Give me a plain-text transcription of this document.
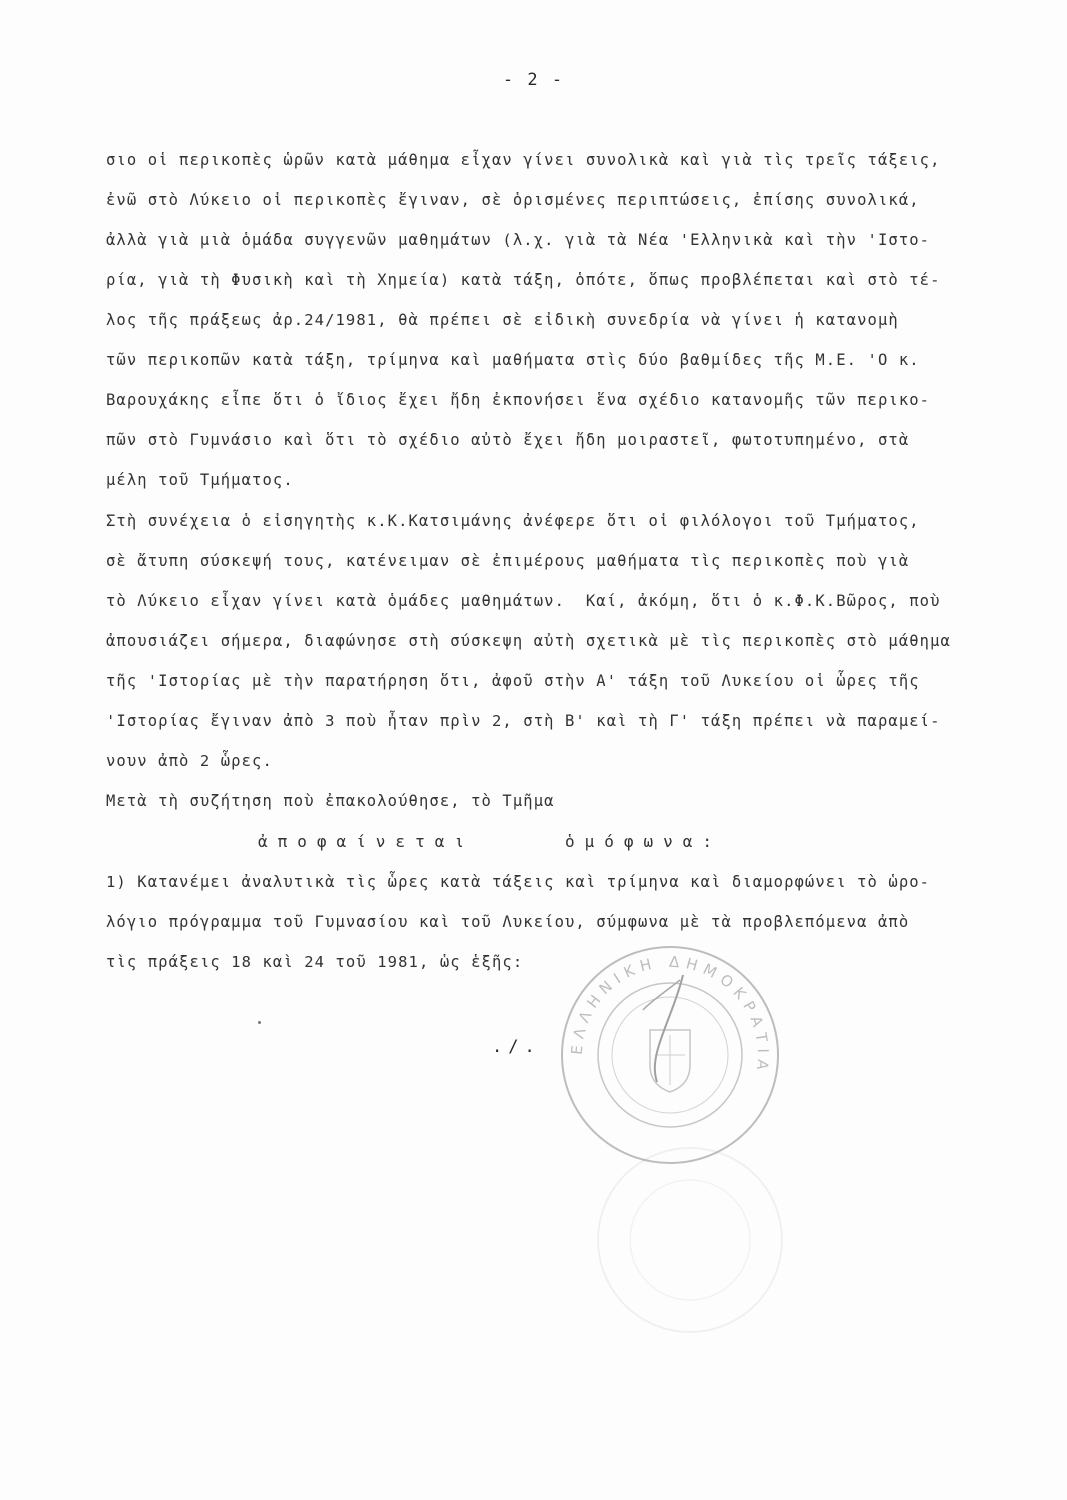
- 2 -
σιο οἱ περικοπὲς ὡρῶν κατὰ μάθημα εἶχαν γίνει συνολικὰ καὶ γιὰ τὶς τρεῖς τάξεις,
ἐνῶ στὸ Λύκειο οἱ περικοπὲς ἔγιναν, σὲ ὁρισμένες περιπτώσεις, ἐπίσης συνολικά,
ἀλλὰ γιὰ μιὰ ὁμάδα συγγενῶν μαθημάτων (λ.χ. γιὰ τὰ Νέα 'Ελληνικὰ καὶ τὴν 'Ιστο-
ρία, γιὰ τὴ Φυσικὴ καὶ τὴ Χημεία) κατὰ τάξη, ὁπότε, ὅπως προβλέπεται καὶ στὸ τέ-
λος τῆς πράξεως ἀρ.24/1981, θὰ πρέπει σὲ εἰδικὴ συνεδρία νὰ γίνει ἡ κατανομὴ
τῶν περικοπῶν κατὰ τάξη, τρίμηνα καὶ μαθήματα στὶς δύο βαθμίδες τῆς Μ.Ε. 'Ο κ.
Βαρουχάκης εἶπε ὅτι ὁ ἴδιος ἔχει ἤδη ἐκπονήσει ἕνα σχέδιο κατανομῆς τῶν περικο-
πῶν στὸ Γυμνάσιο καὶ ὅτι τὸ σχέδιο αὐτὸ ἔχει ἤδη μοιραστεῖ, φωτοτυπημένο, στὰ
μέλη τοῦ Τμήματος.
Στὴ συνέχεια ὁ εἰσηγητὴς κ.Κ.Κατσιμάνης ἀνέφερε ὅτι οἱ φιλόλογοι τοῦ Τμήματος,
σὲ ἄτυπη σύσκεψή τους, κατένειμαν σὲ ἐπιμέρους μαθήματα τὶς περικοπὲς ποὺ γιὰ
τὸ Λύκειο εἶχαν γίνει κατὰ ὁμάδες μαθημάτων.  Καί, ἀκόμη, ὅτι ὁ κ.Φ.Κ.Βῶρος, ποὺ
ἀπουσιάζει σήμερα, διαφώνησε στὴ σύσκεψη αὐτὴ σχετικὰ μὲ τὶς περικοπὲς στὸ μάθημα
τῆς 'Ιστορίας μὲ τὴν παρατήρηση ὅτι, ἀφοῦ στὴν Α' τάξη τοῦ Λυκείου οἱ ὧρες τῆς
'Ιστορίας ἔγιναν ἀπὸ 3 ποὺ ἦταν πρὶν 2, στὴ Β' καὶ τὴ Γ' τάξη πρέπει νὰ παραμεί-
νουν ἀπὸ 2 ὧρες.
Μετὰ τὴ συζήτηση ποὺ ἐπακολούθησε, τὸ Τμῆμα
ἀποφαίνεται	ὁμόφωνα:
1) Κατανέμει ἀναλυτικὰ τὶς ὧρες κατὰ τάξεις καὶ τρίμηνα καὶ διαμορφώνει τὸ ὡρο-
λόγιο πρόγραμμα τοῦ Γυμνασίου καὶ τοῦ Λυκείου, σύμφωνα μὲ τὰ προβλεπόμενα ἀπὸ
τὶς πράξεις 18 καὶ 24 τοῦ 1981, ὡς ἑξῆς:
./. ΕΛΛΗΝΙΚΗ ΔΗΜΟΚΡΑΤΙΑ
